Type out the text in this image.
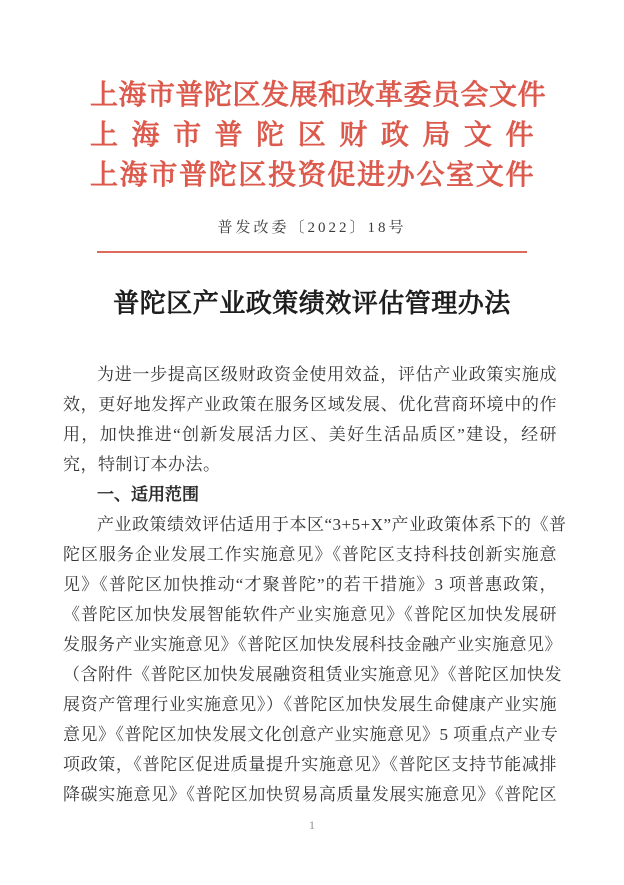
上海市普陀区发展和改革委员会文件
上海市普陀区财政局文件
上海市普陀区投资促进办公室文件
普发改委〔2022〕18号
普陀区产业政策绩效评估管理办法
为进一步提高区级财政资金使用效益，评估产业政策实施成
效，更好地发挥产业政策在服务区域发展、优化营商环境中的作
用，加快推进“创新发展活力区、美好生活品质区”建设，经研
究，特制订本办法。
一、适用范围
产业政策绩效评估适用于本区“3+5+X”产业政策体系下的《普
陀区服务企业发展工作实施意见》《普陀区支持科技创新实施意
见》《普陀区加快推动“才聚普陀”的若干措施》3 项普惠政策，
《普陀区加快发展智能软件产业实施意见》《普陀区加快发展研
发服务产业实施意见》《普陀区加快发展科技金融产业实施意见》
（含附件《普陀区加快发展融资租赁业实施意见》《普陀区加快发
展资产管理行业实施意见》）《普陀区加快发展生命健康产业实施
意见》《普陀区加快发展文化创意产业实施意见》5 项重点产业专
项政策，《普陀区促进质量提升实施意见》《普陀区支持节能减排
降碳实施意见》《普陀区加快贸易高质量发展实施意见》《普陀区
1
